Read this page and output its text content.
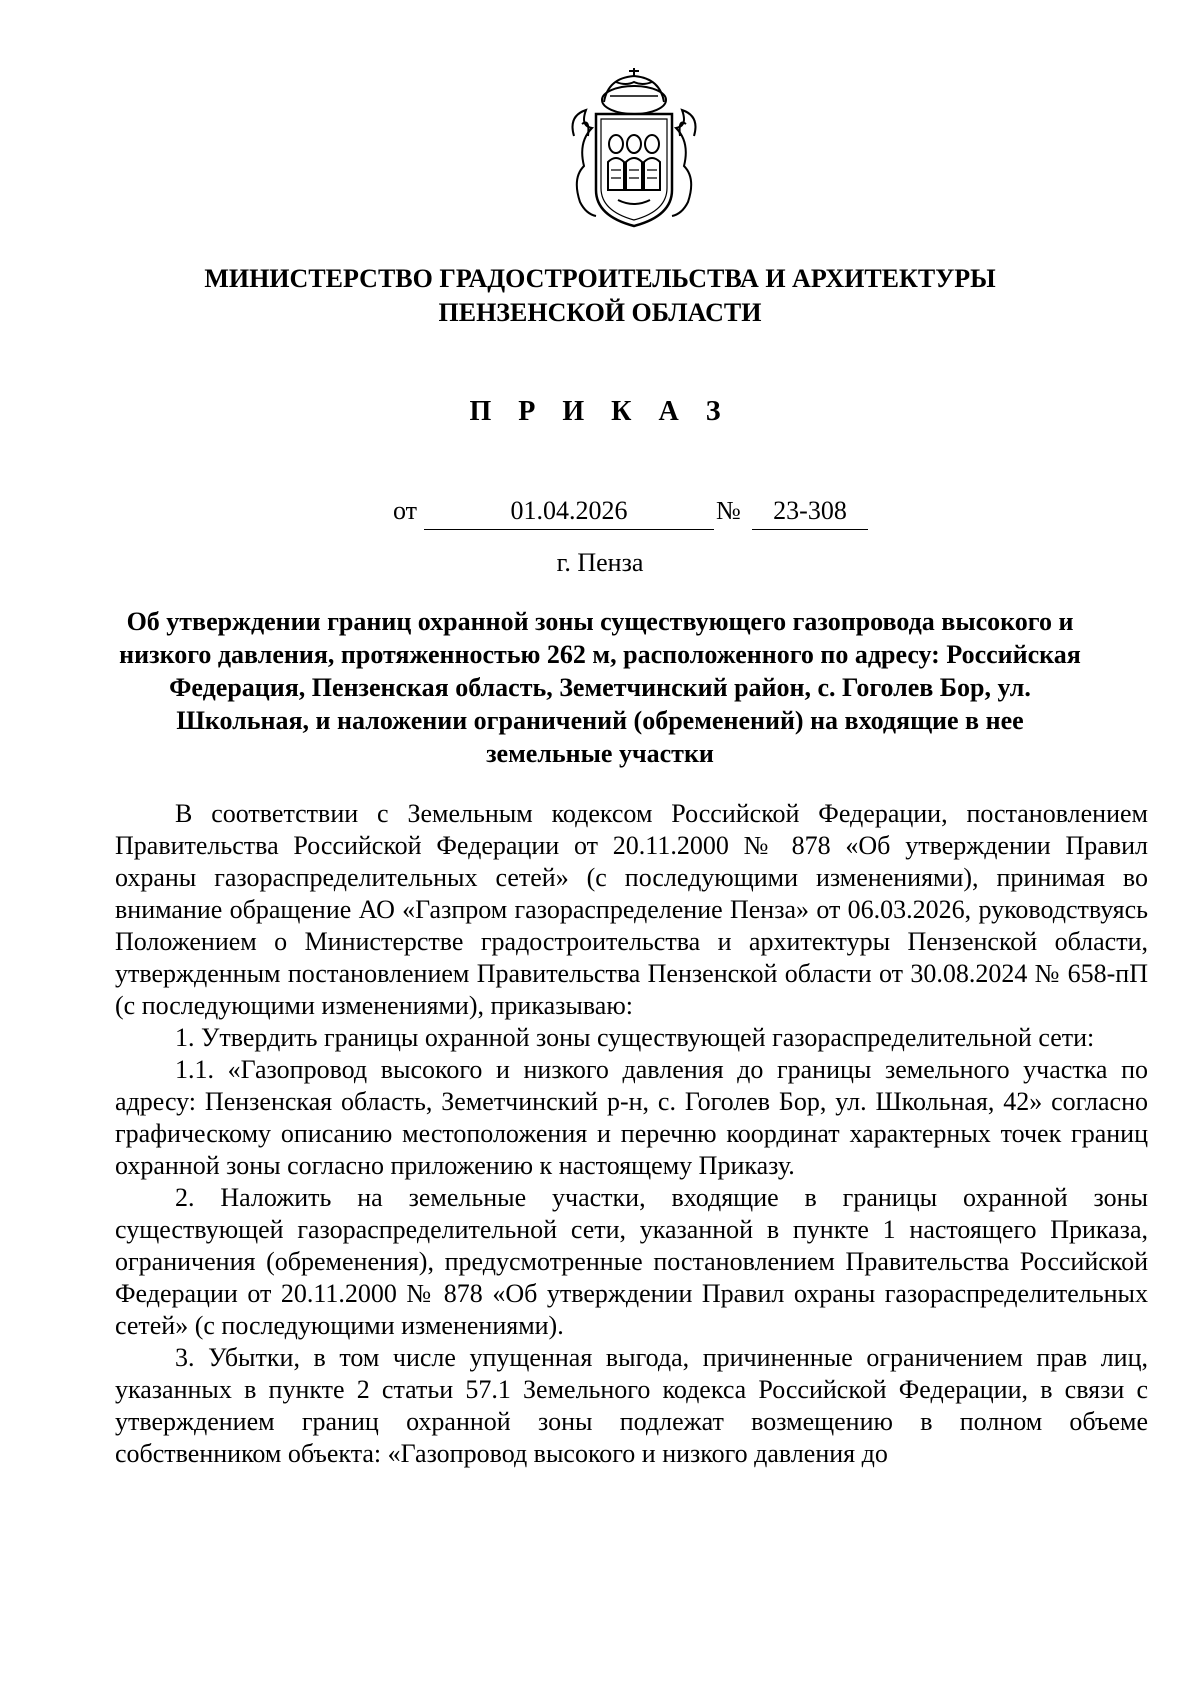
МИНИСТЕРСТВО ГРАДОСТРОИТЕЛЬСТВА И АРХИТЕКТУРЫ
ПЕНЗЕНСКОЙ ОБЛАСТИ
П Р И К А З
от	01.04.2026	№	23-308
г. Пенза
Об утверждении границ охранной зоны существующего газопровода высокого и низкого давления, протяженностью 262 м, расположенного по адресу: Российская Федерация, Пензенская область, Земетчинский район, с. Гоголев Бор, ул. Школьная, и наложении ограничений (обременений) на входящие в нее земельные участки

В соответствии с Земельным кодексом Российской Федерации, постановлением Правительства Российской Федерации от 20.11.2000 № 878 «Об утверждении Правил охраны газораспределительных сетей» (с последующими изменениями), принимая во внимание обращение АО «Газпром газораспределение Пенза» от 06.03.2026, руководствуясь Положением о Министерстве градостроительства и архитектуры Пензенской области, утвержденным постановлением Правительства Пензенской области от 30.08.2024 № 658-пП (с последующими изменениями), приказываю:

1. Утвердить границы охранной зоны существующей газораспределительной сети:

1.1. «Газопровод высокого и низкого давления до границы земельного участка по адресу: Пензенская область, Земетчинский р-н, с. Гоголев Бор, ул. Школьная, 42» согласно графическому описанию местоположения и перечню координат характерных точек границ охранной зоны согласно приложению к настоящему Приказу.

2. Наложить на земельные участки, входящие в границы охранной зоны существующей газораспределительной сети, указанной в пункте 1 настоящего Приказа, ограничения (обременения), предусмотренные постановлением Правительства Российской Федерации от 20.11.2000 № 878 «Об утверждении Правил охраны газораспределительных сетей» (с последующими изменениями).

3. Убытки, в том числе упущенная выгода, причиненные ограничением прав лиц, указанных в пункте 2 статьи 57.1 Земельного кодекса Российской Федерации, в связи с утверждением границ охранной зоны подлежат возмещению в полном объеме собственником объекта: «Газопровод высокого и низкого давления до
